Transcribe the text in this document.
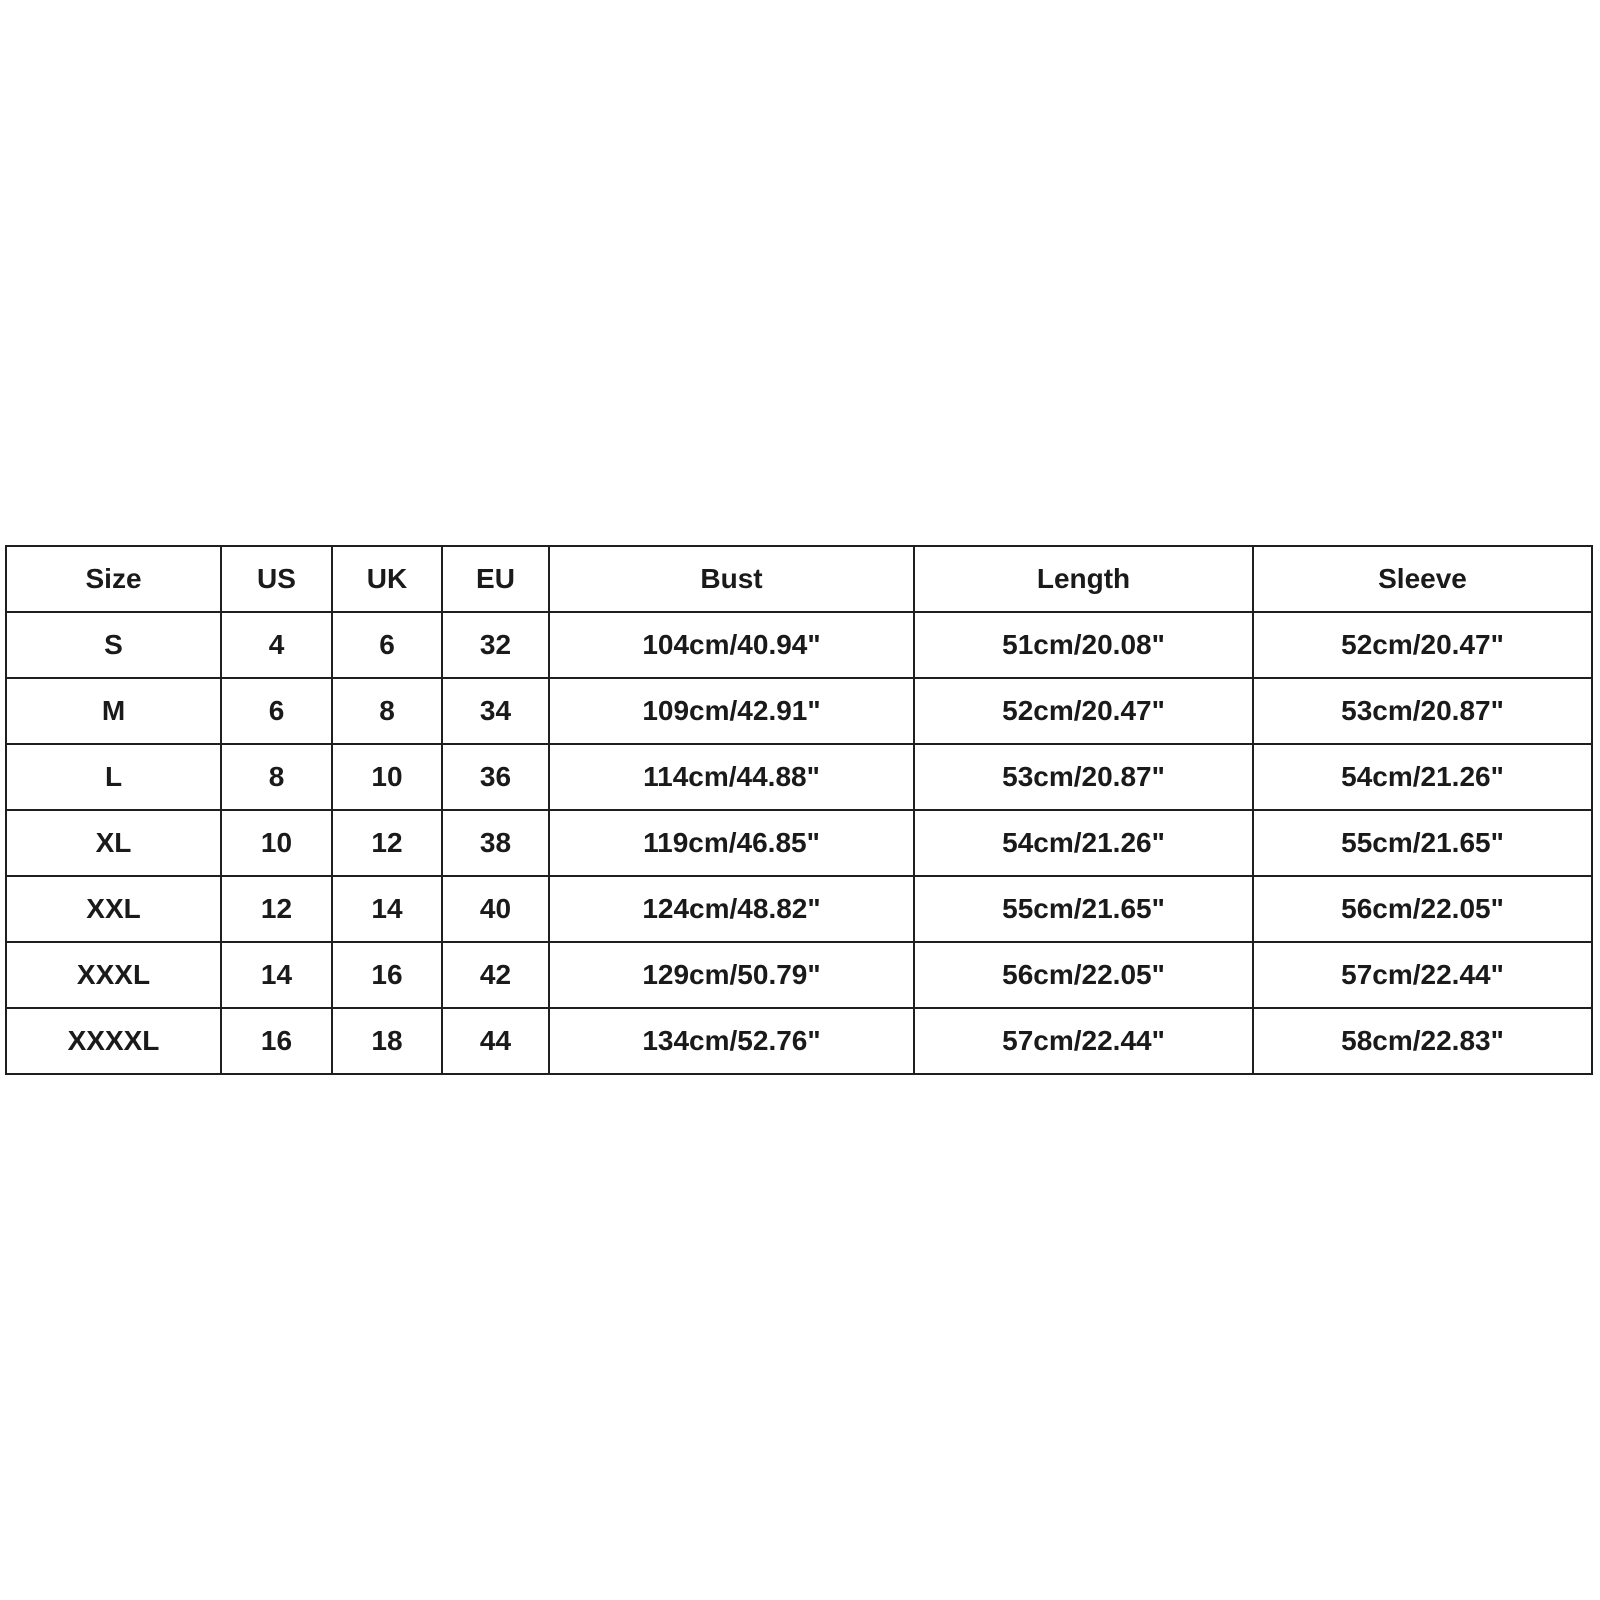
Size	US	UK	EU	Bust	Length	Sleeve
S	4	6	32	104cm/40.94"	51cm/20.08"	52cm/20.47"
M	6	8	34	109cm/42.91"	52cm/20.47"	53cm/20.87"
L	8	10	36	114cm/44.88"	53cm/20.87"	54cm/21.26"
XL	10	12	38	119cm/46.85"	54cm/21.26"	55cm/21.65"
XXL	12	14	40	124cm/48.82"	55cm/21.65"	56cm/22.05"
XXXL	14	16	42	129cm/50.79"	56cm/22.05"	57cm/22.44"
XXXXL	16	18	44	134cm/52.76"	57cm/22.44"	58cm/22.83"
